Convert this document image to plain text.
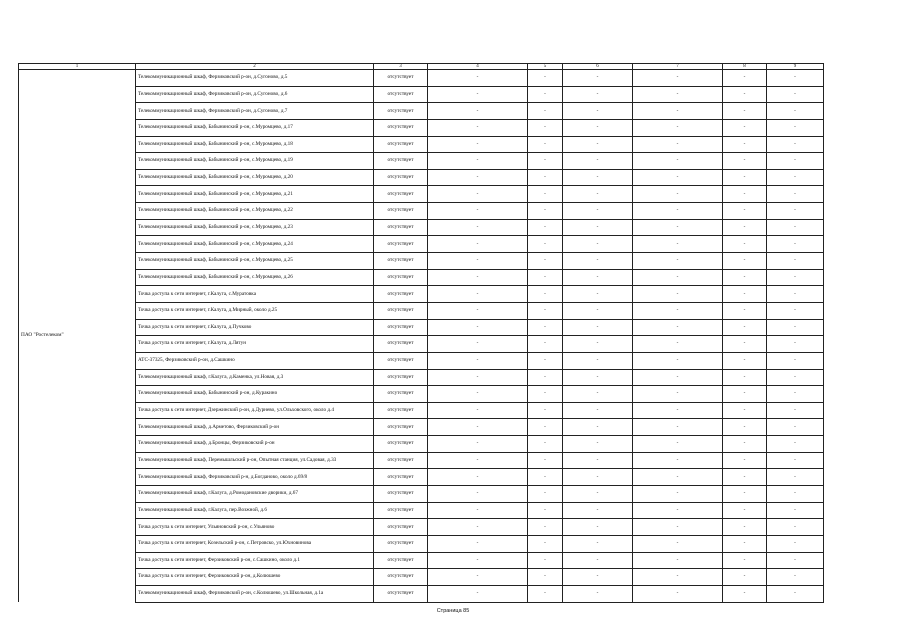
1	2	3	4	5	6	7	8	9
ПАО "Ростелеком"	Телекоммуникационный шкаф, Ферзиковский р-он, д.Сугоново, д.5	отсутствует	-	-	-	-	-	-
	Телекоммуникационный шкаф, Ферзиковский р-он, д.Сугоново, д.6	отсутствует	-	-	-	-	-	-
	Телекоммуникационный шкаф, Ферзиковский р-он, д.Сугоново, д.7	отсутствует	-	-	-	-	-	-
	Телекоммуникационный шкаф, Бабынинский р-он, с.Муромцево, д.17	отсутствует	-	-	-	-	-	-
	Телекоммуникационный шкаф, Бабынинский р-он, с.Муромцево, д.18	отсутствует	-	-	-	-	-	-
	Телекоммуникационный шкаф, Бабынинский р-он, с.Муромцево, д.19	отсутствует	-	-	-	-	-	-
	Телекоммуникационный шкаф, Бабынинский р-он, с.Муромцево, д.20	отсутствует	-	-	-	-	-	-
	Телекоммуникационный шкаф, Бабынинский р-он, с.Муромцево, д.21	отсутствует	-	-	-	-	-	-
	Телекоммуникационный шкаф, Бабынинский р-он, с.Муромцево, д.22	отсутствует	-	-	-	-	-	-
	Телекоммуникационный шкаф, Бабынинский р-он, с.Муромцево, д.23	отсутствует	-	-	-	-	-	-
	Телекоммуникационный шкаф, Бабынинский р-он, с.Муромцево, д.24	отсутствует	-	-	-	-	-	-
	Телекоммуникационный шкаф, Бабынинский р-он, с.Муромцево, д.25	отсутствует	-	-	-	-	-	-
	Телекоммуникационный шкаф, Бабынинский р-он, с.Муромцево, д.26	отсутствует	-	-	-	-	-	-
	Точка доступа к сети интернет, г.Калуга, с.Муратовка	отсутствует	-	-	-	-	-	-
	Точка доступа к сети интернет, г.Калуга, д.Мирный, около д.25	отсутствует	-	-	-	-	-	-
	Точка доступа к сети интернет, г.Калуга, д.Пучково	отсутствует	-	-	-	-	-	-
	Точка доступа к сети интернет, г.Калуга, д.Лятун	отсутствует	-	-	-	-	-	-
	АТС-37325, Ферзиковский р-он, д.Сашкино	отсутствует	-	-	-	-	-	-
	Телекоммуникационный шкаф, г.Калуга, д.Каменка, ул.Новая, д.3	отсутствует	-	-	-	-	-	-
	Телекоммуникационный шкаф, Бабынинский р-он, д.Куракино	отсутствует	-	-	-	-	-	-
	Точка доступа к сети интернет, Дзержинский р-он, д.Дурнево, ул.Ольховского, около д.4	отсутствует	-	-	-	-	-	-
	Телекоммуникационный шкаф, д.Арметово, Ферзиковский р-он	отсутствует	-	-	-	-	-	-
	Телекоммуникационный шкаф, д.Бронцы, Ферзиковский р-он	отсутствует	-	-	-	-	-	-
	Телекоммуникационный шкаф, Перемышльский р-он, Опытная станция, ул.Садовая, д.33	отсутствует	-	-	-	-	-	-
	Телекоммуникационный шкаф, Ферзиковский р-н, д.Богданово, около д.69/8	отсутствует	-	-	-	-	-	-
	Телекоммуникационный шкаф, г.Калуга, д.Ромодановские дворики, д.67	отсутствует	-	-	-	-	-	-
	Телекоммуникационный шкаф, г.Калуга, пер.Возжной, д.6	отсутствует	-	-	-	-	-	-
	Точка доступа к сети интернет, Ульяновский р-он, с.Ульяново	отсутствует	-	-	-	-	-	-
	Точка доступа к сети интернет, Козельский р-он, с.Петровско, ул.Юхновинова	отсутствует	-	-	-	-	-	-
	Точка доступа к сети интернет, Ферзиковский р-он, с.Сашкино, около д.1	отсутствует	-	-	-	-	-	-
	Точка доступа к сети интернет, Ферзиковский р-он, д.Колюшево	отсутствует	-	-	-	-	-	-
	Телекоммуникационный шкаф, Ферзиковский р-он, с.Колюшево, ул.Школьная, д.1а	отсутствует	-	-	-	-	-	-
Страница 85
